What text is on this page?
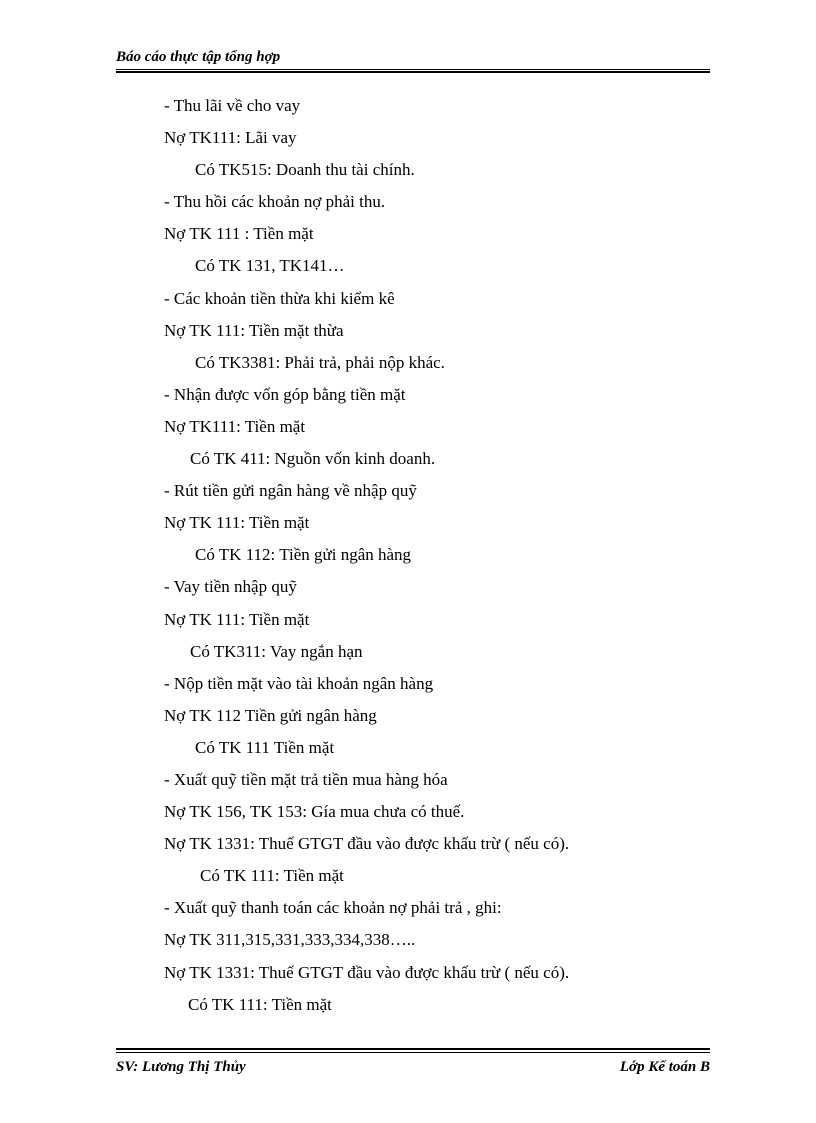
Báo cáo thực tập tổng hợp
- Thu lãi về cho vay
Nợ TK111: Lãi vay
Có TK515: Doanh thu tài chính.
- Thu hồi các khoản nợ phải thu.
Nợ TK 111 : Tiền mặt
Có TK 131, TK141…
- Các khoản tiền thừa khi kiểm kê
Nợ TK 111: Tiền mặt thừa
Có TK3381: Phải trả, phải nộp khác.
- Nhận được vốn góp bằng tiền mặt
Nợ TK111: Tiền mặt
Có TK 411: Nguồn vốn kinh doanh.
- Rút tiền gửi ngân hàng về nhập quỹ
Nợ TK 111: Tiền mặt
Có TK 112: Tiền gửi ngân hàng
- Vay tiền nhập quỹ
Nợ TK 111: Tiền mặt
Có TK311: Vay ngắn hạn
- Nộp tiền mặt vào tài khoản ngân hàng
Nợ TK 112 Tiền gửi ngân hàng
Có TK 111 Tiền mặt
- Xuất quỹ tiền mặt trả tiền mua hàng hóa
Nợ TK 156, TK 153: Gía mua chưa có thuế.
Nợ TK 1331: Thuế GTGT đầu vào được khấu trừ ( nếu có).
Có TK 111: Tiền mặt
- Xuất quỹ thanh toán các khoản nợ phải trả , ghi:
Nợ TK 311,315,331,333,334,338…..
Nợ TK 1331: Thuế GTGT đầu vào được khấu trừ ( nếu có).
Có TK 111: Tiền mặt
SV: Lương Thị Thủy	Lớp Kế toán B
